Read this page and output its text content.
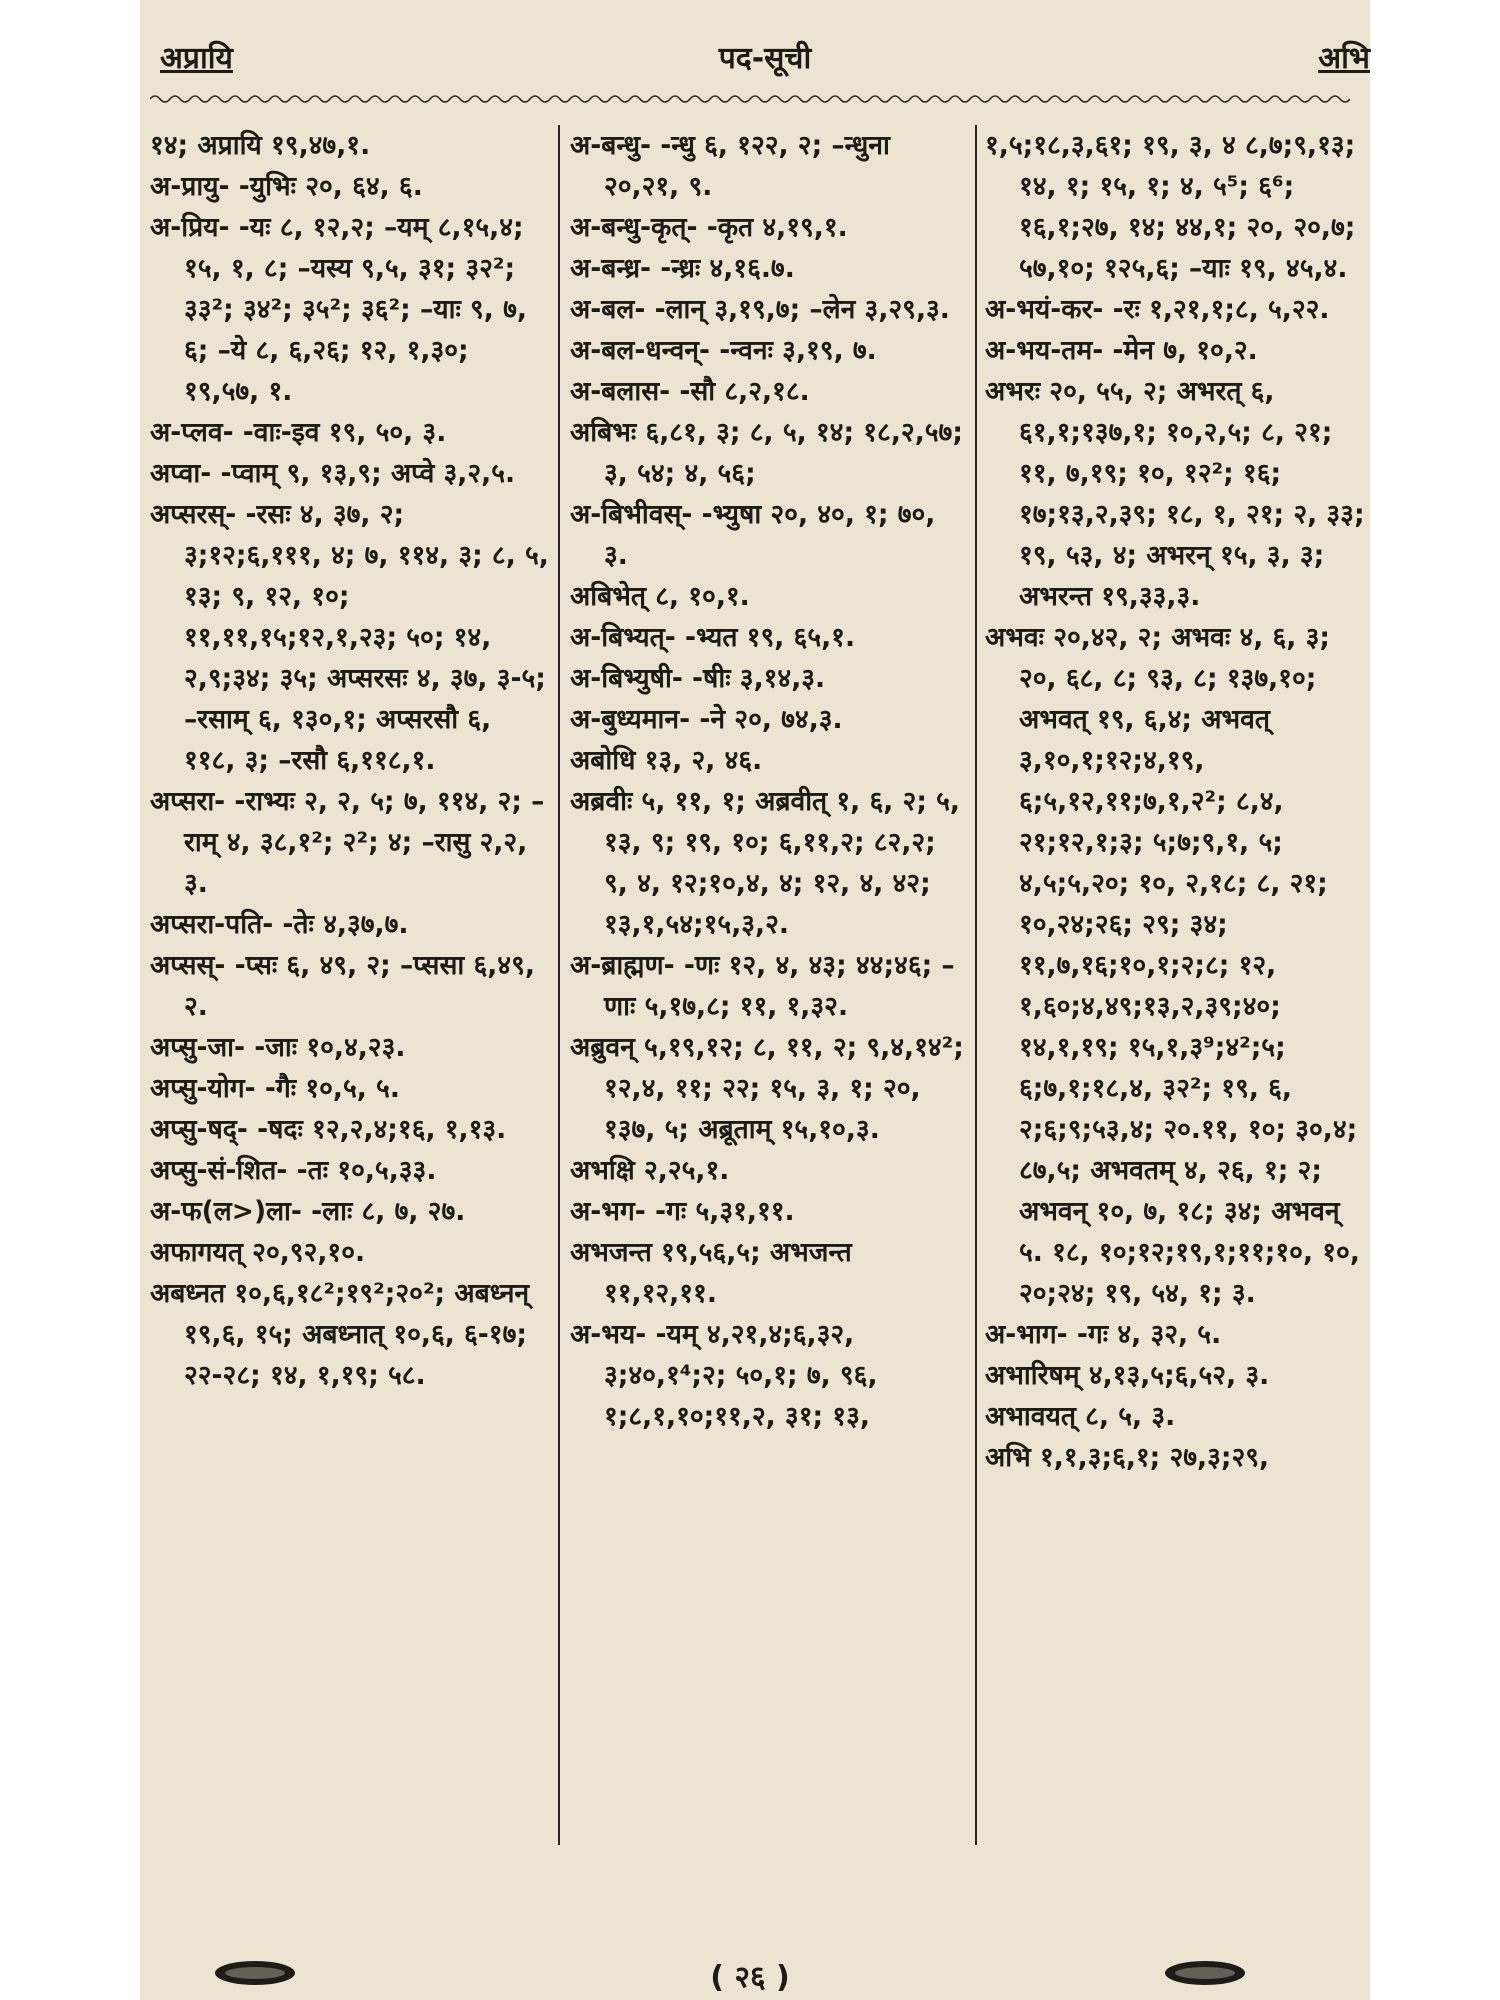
अप्रायि	पद-सूची	अभि

१४; अप्रायि १९,४७,१.

अ-प्रायु- -युभिः २०, ६४, ६.

अ-प्रिय- -यः ८, १२,२; –यम् ८,१५,४; १५, १, ८; –यस्य ९,५, ३१; ३२²; ३३²; ३४²; ३५²; ३६²; –याः ९, ७, ६; –ये ८, ६,२६; १२, १,३०; १९,५७, १.

अ-प्लव- -वाः-इव १९, ५०, ३.

अप्वा- -प्वाम् ९, १३,९; अप्वे ३,२,५.

अप्सरस्- -रसः ४, ३७, २; ३;१२;६,१११, ४; ७, ११४, ३; ८, ५, १३; ९, १२, १०; ११,११,१५;१२,१,२३; ५०; १४, २,९;३४; ३५; अप्सरसः ४, ३७, ३-५; –रसाम् ६, १३०,१; अप्सरसौ ६, ११८, ३; –रसौ ६,११८,१.

अप्सरा- -राभ्यः २, २, ५; ७, ११४, २; –राम् ४, ३८,१²; २²; ४; –रासु २,२, ३.

अप्सरा-पति- -तेः ४,३७,७.

अप्सस्- -प्सः ६, ४९, २; –प्ससा ६,४९, २.

अप्सु-जा- -जाः १०,४,२३.

अप्सु-योग- -गैः १०,५, ५.

अप्सु-षद्- -षदः १२,२,४;१६, १,१३.

अप्सु-सं-शित- -तः १०,५,३३.

अ-फ(ल>)ला- -लाः ८, ७, २७.

अफागयत् २०,९२,१०.

अबध्नत १०,६,१८²;१९²;२०²; अबध्नन् १९,६, १५; अबध्नात् १०,६, ६-१७; २२-२८; १४, १,१९; ५८.

अ-बन्धु- -न्धु ६, १२२, २; –न्धुना २०,२१, ९.

अ-बन्धु-कृत्- -कृत ४,१९,१.

अ-बन्ध्र- -न्ध्रः ४,१६.७.

अ-बल- -लान् ३,१९,७; –लेन ३,२९,३.

अ-बल-धन्वन्- -न्वनः ३,१९, ७.

अ-बलास- -सौ ८,२,१८.

अबिभः ६,८१, ३; ८, ५, १४; १८,२,५७; ३, ५४; ४, ५६;

अ-बिभीवस्- -भ्युषा २०, ४०, १; ७०, ३.

अबिभेत् ८, १०,१.

अ-बिभ्यत्- -भ्यत १९, ६५,१.

अ-बिभ्युषी- -षीः ३,१४,३.

अ-बुध्यमान- -ने २०, ७४,३.

अबोधि १३, २, ४६.

अब्रवीः ५, ११, १; अब्रवीत् १, ६, २; ५, १३, ९; १९, १०; ६,११,२; ८२,२; ९, ४, १२;१०,४, ४; १२, ४, ४२; १३,१,५४;१५,३,२.

अ-ब्राह्मण- -णः १२, ४, ४३; ४४;४६; –णाः ५,१७,८; ११, १,३२.

अब्रुवन् ५,१९,१२; ८, ११, २; ९,४,१४²; १२,४, ११; २२; १५, ३, १; २०, १३७, ५; अब्रूताम् १५,१०,३.

अभक्षि २,२५,१.

अ-भग- -गः ५,३१,११.

अभजन्त १९,५६,५; अभजन्त ११,१२,११.

अ-भय- -यम् ४,२१,४;६,३२, ३;४०,१⁴;२; ५०,१; ७, ९६, १;८,१,१०;११,२, ३१; १३,

१,५;१८,३,६१; १९, ३, ४ ८,७;९,१३; १४, १; १५, १; ४, ५⁵; ६⁶; १६,१;२७, १४; ४४,१; २०, २०,७; ५७,१०; १२५,६; –याः १९, ४५,४.

अ-भयं-कर- -रः १,२१,१;८, ५,२२.

अ-भय-तम- -मेन ७, १०,२.

अभरः २०, ५५, २; अभरत् ६, ६१,१;१३७,१; १०,२,५; ८, २१; ११, ७,१९; १०, १२²; १६; १७;१३,२,३९; १८, १, २१; २, ३३; १९, ५३, ४; अभरन् १५, ३, ३; अभरन्त १९,३३,३.

अभवः २०,४२, २; अभवः ४, ६, ३; २०, ६८, ८; ९३, ८; १३७,१०; अभवत् १९, ६,४; अभवत् ३,१०,१;१२;४,१९, ६;५,१२,११;७,१,२²; ८,४, २१;१२,१;३; ५;७;९,१, ५; ४,५;५,२०; १०, २,१८; ८, २१; १०,२४;२६; २९; ३४; ११,७,१६;१०,१;२;८; १२, १,६०;४,४९;१३,२,३९;४०; १४,१,१९; १५,१,३⁹;४²;५; ६;७,१;१८,४, ३२²; १९, ६, २;६;९;५३,४; २०.११, १०; ३०,४; ८७,५; अभवतम् ४, २६, १; २; अभवन् १०, ७, १८; ३४; अभवन् ५. १८, १०;१२;१९,१;११;१०, १०, २०;२४; १९, ५४, १; ३.

अ-भाग- -गः ४, ३२, ५.

अभारिषम् ४,१३,५;६,५२, ३.

अभावयत् ८, ५, ३.

अभि १,१,३;६,१; २७,३;२९,

( २६ )
